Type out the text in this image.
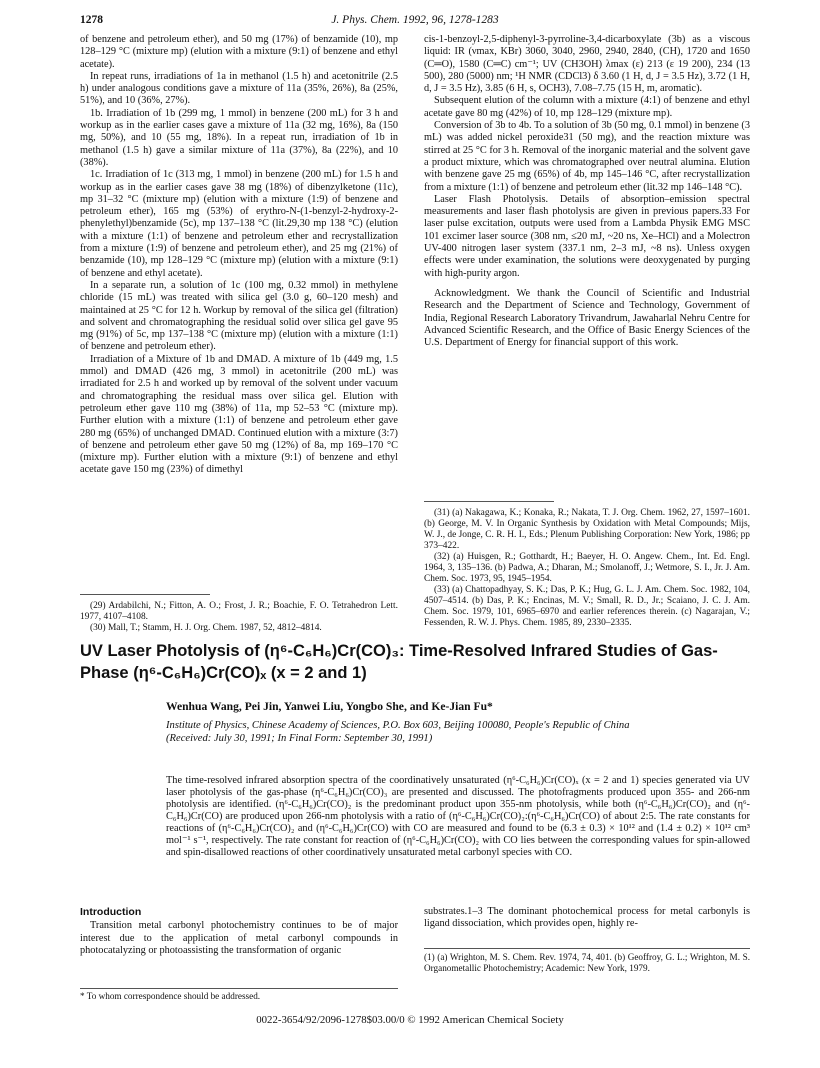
1278	J. Phys. Chem. 1992, 96, 1278-1283

of benzene and petroleum ether), and 50 mg (17%) of benzamide (10), mp 128–129 °C (mixture mp) (elution with a mixture (9:1) of benzene and ethyl acetate).

In repeat runs, irradiations of 1a in methanol (1.5 h) and acetonitrile (2.5 h) under analogous conditions gave a mixture of 11a (35%, 26%), 8a (25%, 51%), and 10 (36%, 27%).

1b. Irradiation of 1b (299 mg, 1 mmol) in benzene (200 mL) for 3 h and workup as in the earlier cases gave a mixture of 11a (32 mg, 16%), 8a (150 mg, 50%), and 10 (55 mg, 18%). In a repeat run, irradiation of 1b in methanol (1.5 h) gave a similar mixture of 11a (37%), 8a (22%), and 10 (38%).

1c. Irradiation of 1c (313 mg, 1 mmol) in benzene (200 mL) for 1.5 h and workup as in the earlier cases gave 38 mg (18%) of dibenzylketone (11c), mp 31–32 °C (mixture mp) (elution with a mixture (1:9) of benzene and petroleum ether), 165 mg (53%) of erythro-N-(1-benzyl-2-hydroxy-2-phenylethyl)benzamide (5c), mp 137–138 °C (lit.29,30 mp 138 °C) (elution with a mixture (1:1) of benzene and petroleum ether and recrystallization from a mixture (1:9) of benzene and petroleum ether), and 25 mg (21%) of benzamide (10), mp 128–129 °C (mixture mp) (elution with a mixture (9:1) of benzene and ethyl acetate).

In a separate run, a solution of 1c (100 mg, 0.32 mmol) in methylene chloride (15 mL) was treated with silica gel (3.0 g, 60–120 mesh) and maintained at 25 °C for 12 h. Workup by removal of the silica gel (filtration) and solvent and chromatographing the residual solid over silica gel gave 95 mg (91%) of 5c, mp 137–138 °C (mixture mp) (elution with a mixture (1:1) of benzene and petroleum ether).

Irradiation of a Mixture of 1b and DMAD. A mixture of 1b (449 mg, 1.5 mmol) and DMAD (426 mg, 3 mmol) in acetonitrile (200 mL) was irradiated for 2.5 h and worked up by removal of the solvent under vacuum and chromatographing the residual mass over silica gel. Elution with petroleum ether gave 110 mg (38%) of 11a, mp 52–53 °C (mixture mp). Further elution with a mixture (1:1) of benzene and petroleum ether gave 280 mg (65%) of unchanged DMAD. Continued elution with a mixture (3:7) of benzene and petroleum ether gave 50 mg (12%) of 8a, mp 169–170 °C (mixture mp). Further elution with a mixture (9:1) of benzene and ethyl acetate gave 150 mg (23%) of dimethyl

(29) Ardabilchi, N.; Fitton, A. O.; Frost, J. R.; Boachie, F. O. Tetrahedron Lett. 1977, 4107–4108.

(30) Mall, T.; Stamm, H. J. Org. Chem. 1987, 52, 4812–4814.

cis-1-benzoyl-2,5-diphenyl-3-pyrroline-3,4-dicarboxylate (3b) as a viscous liquid: IR (νmax, KBr) 3060, 3040, 2960, 2940, 2840, (CH), 1720 and 1650 (C═O), 1580 (C═C) cm⁻¹; UV (CH3OH) λmax (ε) 213 (ε 19 200), 234 (13 500), 280 (5000) nm; ¹H NMR (CDCl3) δ 3.60 (1 H, d, J = 3.5 Hz), 3.72 (1 H, d, J = 3.5 Hz), 3.85 (6 H, s, OCH3), 7.08–7.75 (15 H, m, aromatic).

Subsequent elution of the column with a mixture (4:1) of benzene and ethyl acetate gave 80 mg (42%) of 10, mp 128–129 (mixture mp).

Conversion of 3b to 4b. To a solution of 3b (50 mg, 0.1 mmol) in benzene (3 mL) was added nickel peroxide31 (50 mg), and the reaction mixture was stirred at 25 °C for 3 h. Removal of the inorganic material and the solvent gave a product mixture, which was chromatographed over neutral alumina. Elution with benzene gave 25 mg (65%) of 4b, mp 145–146 °C, after recrystallization from a mixture (1:1) of benzene and petroleum ether (lit.32 mp 146–148 °C).

Laser Flash Photolysis. Details of absorption–emission spectral measurements and laser flash photolysis are given in previous papers.33 For laser pulse excitation, outputs were used from a Lambda Physik EMG MSC 101 excimer laser source (308 nm, ≤20 mJ, ~20 ns, Xe–HCl) and a Molectron UV-400 nitrogen laser system (337.1 nm, 2–3 mJ, ~8 ns). Unless oxygen effects were under examination, the solutions were deoxygenated by purging with high-purity argon.

Acknowledgment. We thank the Council of Scientific and Industrial Research and the Department of Science and Technology, Government of India, Regional Research Laboratory Trivandrum, Jawaharlal Nehru Centre for Advanced Scientific Research, and the Office of Basic Energy Sciences of the U.S. Department of Energy for financial support of this work.

(31) (a) Nakagawa, K.; Konaka, R.; Nakata, T. J. Org. Chem. 1962, 27, 1597–1601. (b) George, M. V. In Organic Synthesis by Oxidation with Metal Compounds; Mijs, W. J., de Jonge, C. R. H. I., Eds.; Plenum Publishing Corporation: New York, 1986; pp 373–422.

(32) (a) Huisgen, R.; Gotthardt, H.; Baeyer, H. O. Angew. Chem., Int. Ed. Engl. 1964, 3, 135–136. (b) Padwa, A.; Dharan, M.; Smolanoff, J.; Wetmore, S. I., Jr. J. Am. Chem. Soc. 1973, 95, 1945–1954.

(33) (a) Chattopadhyay, S. K.; Das, P. K.; Hug, G. L. J. Am. Chem. Soc. 1982, 104, 4507–4514. (b) Das, P. K.; Encinas, M. V.; Small, R. D., Jr.; Scaiano, J. C. J. Am. Chem. Soc. 1979, 101, 6965–6970 and earlier references therein. (c) Nagarajan, V.; Fessenden, R. W. J. Phys. Chem. 1985, 89, 2330–2335.

UV Laser Photolysis of (η⁶-C₆H₆)Cr(CO)₃: Time-Resolved Infrared Studies of Gas-Phase (η⁶-C₆H₆)Cr(CO)ₓ (x = 2 and 1)
Wenhua Wang, Pei Jin, Yanwei Liu, Yongbo She, and Ke-Jian Fu*
Institute of Physics, Chinese Academy of Sciences, P.O. Box 603, Beijing 100080, People's Republic of China
(Received: July 30, 1991; In Final Form: September 30, 1991)
The time-resolved infrared absorption spectra of the coordinatively unsaturated (η⁶-C₆H₆)Cr(CO)ₓ (x = 2 and 1) species generated via UV laser photolysis of the gas-phase (η⁶-C₆H₆)Cr(CO)₃ are presented and discussed. The photofragments produced upon 355- and 266-nm photolysis are identified. (η⁶-C₆H₆)Cr(CO)₂ is the predominant product upon 355-nm photolysis, while both (η⁶-C₆H₆)Cr(CO)₂ and (η⁶-C₆H₆)Cr(CO) are produced upon 266-nm photolysis with a ratio of (η⁶-C₆H₆)Cr(CO)₂:(η⁶-C₆H₆)Cr(CO) of about 2:5. The rate constants for reactions of (η⁶-C₆H₆)Cr(CO)₂ and (η⁶-C₆H₆)Cr(CO) with CO are measured and found to be (6.3 ± 0.3) × 10¹² and (1.4 ± 0.2) × 10¹² cm³ mol⁻¹ s⁻¹, respectively. The rate constant for reaction of (η⁶-C₆H₆)Cr(CO)₂ with CO lies between the corresponding values for spin-allowed and spin-disallowed reactions of other coordinatively unsaturated metal carbonyl species with CO.
Introduction

Transition metal carbonyl photochemistry continues to be of major interest due to the application of metal carbonyl compounds in photocatalyzing or photoassisting the transformation of organic

substrates.1–3 The dominant photochemical process for metal carbonyls is ligand dissociation, which provides open, highly re-

* To whom correspondence should be addressed.
(1) (a) Wrighton, M. S. Chem. Rev. 1974, 74, 401. (b) Geoffroy, G. L.; Wrighton, M. S. Organometallic Photochemistry; Academic: New York, 1979.
0022-3654/92/2096-1278$03.00/0 © 1992 American Chemical Society
